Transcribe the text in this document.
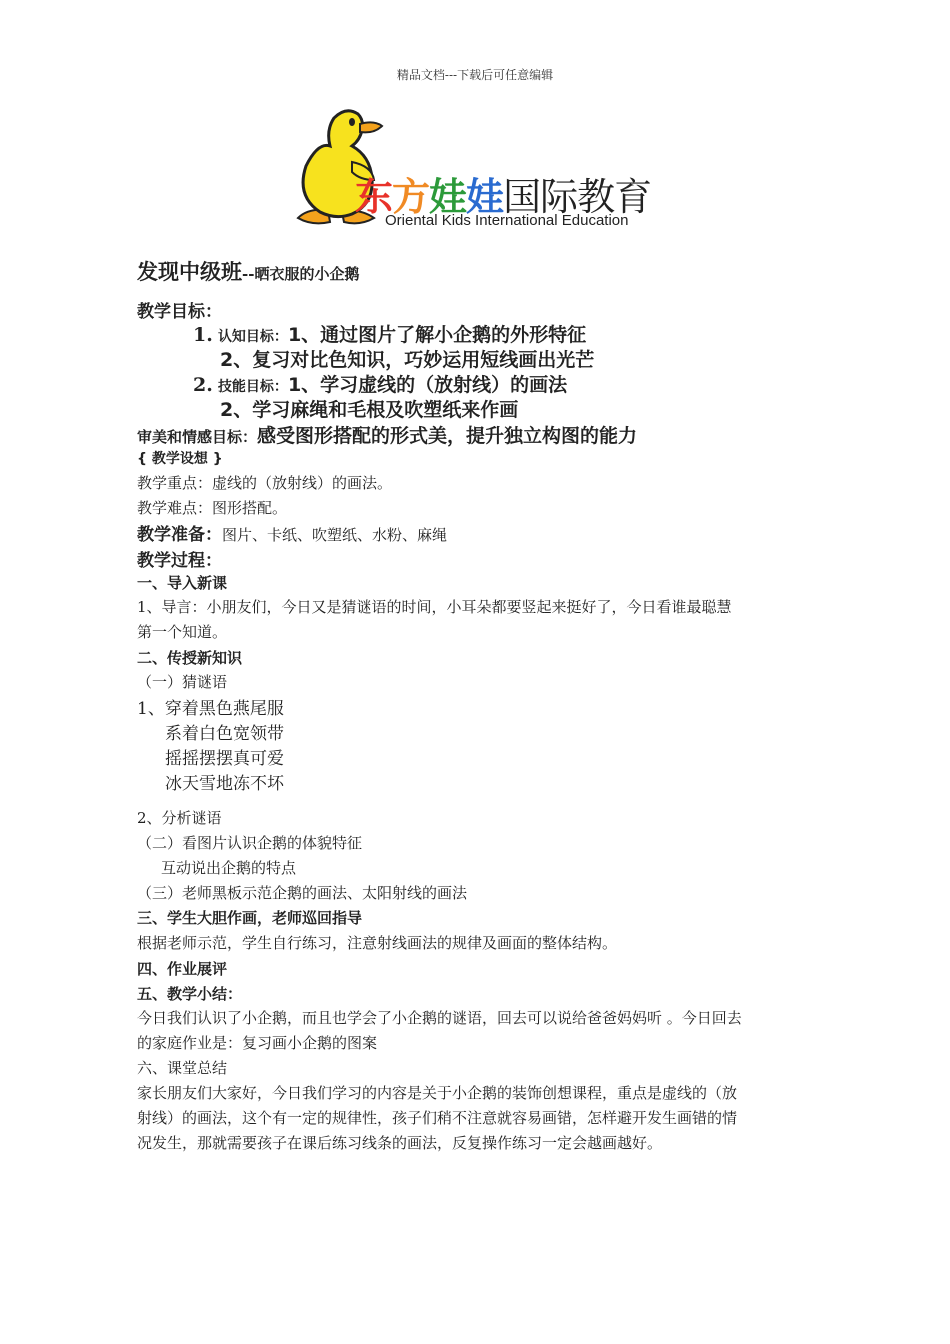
精品文档---下载后可任意编辑
东方娃娃国际教育
Oriental Kids International Education
发现中级班--晒衣服的小企鹅
教学目标：
1. 认知目标：1、通过图片了解小企鹅的外形特征
2、复习对比色知识，巧妙运用短线画出光芒
2. 技能目标：1、学习虚线的（放射线）的画法
2、学习麻绳和毛根及吹塑纸来作画
审美和情感目标：感受图形搭配的形式美，提升独立构图的能力
{ 教学设想 }
教学重点：虚线的（放射线）的画法。
教学难点：图形搭配。
教学准备：图片、卡纸、吹塑纸、水粉、麻绳
教学过程：
一、导入新课
1、导言：小朋友们，今日又是猜谜语的时间，小耳朵都要竖起来挺好了，今日看谁最聪慧
第一个知道。
二、传授新知识
（一）猜谜语
1、穿着黑色燕尾服
系着白色宽领带
摇摇摆摆真可爱
冰天雪地冻不坏
2、分析谜语
（二）看图片认识企鹅的体貌特征
互动说出企鹅的特点
（三）老师黑板示范企鹅的画法、太阳射线的画法
三、学生大胆作画，老师巡回指导
根据老师示范，学生自行练习，注意射线画法的规律及画面的整体结构。
四、作业展评
五、教学小结：
今日我们认识了小企鹅，而且也学会了小企鹅的谜语，回去可以说给爸爸妈妈听 。今日回去
的家庭作业是：复习画小企鹅的图案
六、课堂总结
家长朋友们大家好，今日我们学习的内容是关于小企鹅的装饰创想课程，重点是虚线的（放
射线）的画法，这个有一定的规律性，孩子们稍不注意就容易画错，怎样避开发生画错的情
况发生，那就需要孩子在课后练习线条的画法，反复操作练习一定会越画越好。
